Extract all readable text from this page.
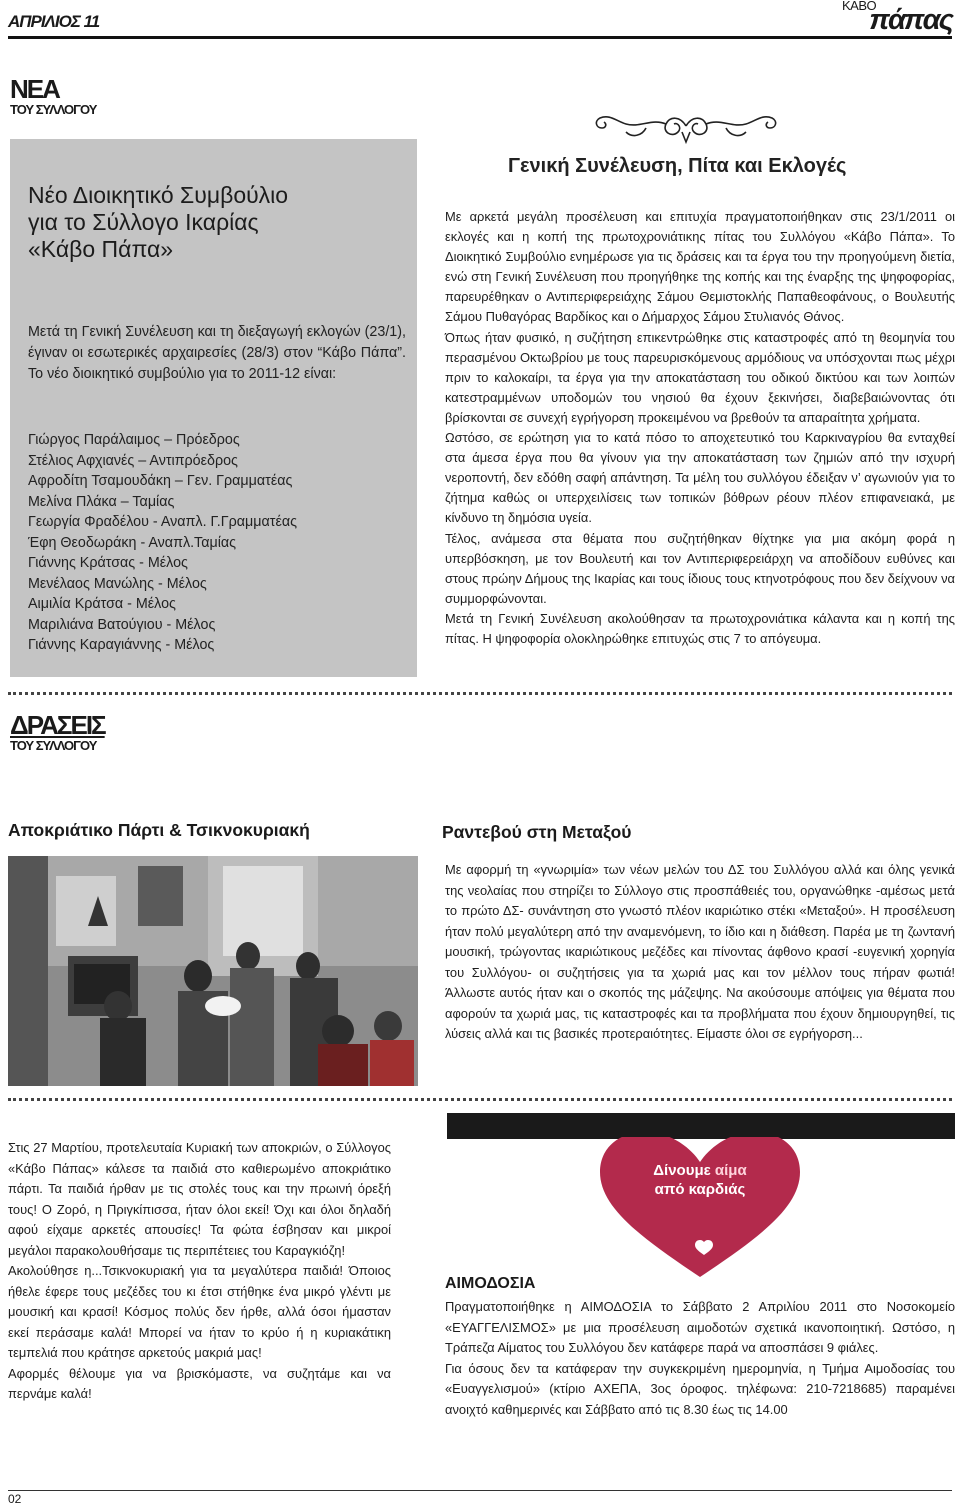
ΑΠΡΙΛΙΟΣ 11
ΚΑΒΟ
πάπας
ΝΕΑ
ΤΟΥ ΣΥΛΛΟΓΟΥ
Νέο Διοικητικό Συμβούλιο
για το Σύλλογο Ικαρίας
«Κάβο Πάπα»
Μετά τη Γενική Συνέλευση και τη διεξαγωγή εκλογών (23/1), έγιναν οι εσωτερικές αρχαιρεσίες (28/3) στον “Κάβο Πάπα”. Το νέο διοικητικό συμβούλιο για το 2011-12 είναι:
Γιώργος Παράλαιμος – Πρόεδρος
Στέλιος Αφχιανές – Αντιπρόεδρος
Αφροδίτη Τσαμουδάκη – Γεν. Γραμματέας
Μελίνα Πλάκα – Ταμίας
Γεωργία Φραδέλου - Αναπλ. Γ.Γραμματέας
Έφη Θεοδωράκη - Αναπλ.Ταμίας
Γιάννης Κράτσας - Μέλος
Μενέλαος Μανώλης - Μέλος
Αιμιλία Κράτσα - Μέλος
Μαριλιάνα Βατούγιου - Μέλος
Γιάννης Καραγιάννης - Μέλος
Γενική Συνέλευση, Πίτα και Εκλογές

Με αρκετά μεγάλη προσέλευση και επιτυχία πραγματοποιήθηκαν στις 23/1/2011 οι εκλογές και η κοπή της πρωτοχρονιάτικης πίτας του Συλλόγου «Κάβο Πάπα». Το Διοικητικό Συμβούλιο ενημέρωσε για τις δράσεις και τα έργα του την προηγούμενη διετία, ενώ στη Γενική Συνέλευση που προηγήθηκε της κοπής και της έναρξης της ψηφοφορίας, παρευρέθηκαν ο Αντιπεριφερειάχης Σάμου Θεμιστοκλής Παπαθεοφάνους, ο Βουλευτής Σάμου Πυθαγόρας Βαρδίκος και ο Δήμαρχος Σάμου Στυλιανός Θάνος.

Όπως ήταν φυσικό, η συζήτηση επικεντρώθηκε στις καταστροφές από τη θεομηνία του περασμένου Οκτωβρίου με τους παρευρισκόμενους αρμόδιους να υπόσχονται πως μέχρι πριν το καλοκαίρι, τα έργα για την αποκατάσταση του οδικού δικτύου και των λοιπών κατεστραμμένων υποδομών του νησιού θα έχουν ξεκινήσει, διαβεβαιώνοντας ότι βρίσκονται σε συνεχή εγρήγορση προκειμένου να βρεθούν τα απαραίτητα χρήματα.

Ωστόσο, σε ερώτηση για το κατά πόσο το αποχετευτικό του Καρκιναγρίου θα ενταχθεί στα άμεσα έργα που θα γίνουν για την αποκατάσταση των ζημιών από την ισχυρή νεροποντή, δεν εδόθη σαφή απάντηση. Τα μέλη του συλλόγου έδειξαν ν’ αγωνιούν για το ζήτημα καθώς οι υπερχειλίσεις των τοπικών βόθρων ρέουν πλέον επιφανειακά, με κίνδυνο τη δημόσια υγεία.

Τέλος, ανάμεσα στα θέματα που συζητήθηκαν θίχτηκε για μια ακόμη φορά η υπερβόσκηση, με τον Βουλευτή και τον Αντιπεριφερειάρχη να αποδίδουν ευθύνες και στους πρώην Δήμους της Ικαρίας και τους ίδιους τους κτηνοτρόφους που δεν δείχνουν να συμμορφώνονται.

Μετά τη Γενική Συνέλευση ακολούθησαν τα πρωτοχρονιάτικα κάλαντα και η κοπή της πίτας. Η ψηφοφορία ολοκληρώθηκε επιτυχώς στις 7 το απόγευμα.

ΔΡΑΣΕΙΣ
ΤΟΥ ΣΥΛΛΟΓΟΥ
Αποκριάτικο Πάρτι & Τσικνοκυριακή	Ραντεβού στη Μεταξού

Με αφορμή τη «γνωριμία» των νέων μελών του ΔΣ του Συλλόγου αλλά και όλης γενικά της νεολαίας που στηρίζει το Σύλλογο στις προσπάθειές του, οργανώθηκε -αμέσως μετά το πρώτο ΔΣ- συνάντηση στο γνωστό πλέον ικαριώτικο στέκι «Μεταξού». Η προσέλευση ήταν πολύ μεγαλύτερη από την αναμενόμενη, το ίδιο και η διάθεση. Παρέα με τη ζωντανή μουσική, τρώγοντας ικαριώτικους μεζέδες και πίνοντας άφθονο κρασί -ευγενική χορηγία του Συλλόγου- οι συζητήσεις για τα χωριά μας και τον μέλλον τους πήραν φωτιά! Άλλωστε αυτός ήταν και ο σκοπός της μάζεψης. Να ακούσουμε απόψεις για θέματα που αφορούν τα χωριά μας, τις καταστροφές και τα προβλήματα που έχουν δημιουργηθεί, τις λύσεις αλλά και τις βασικές προτεραιότητες. Είμαστε όλοι σε εγρήγορση...

Στις 27 Μαρτίου, προτελευταία Κυριακή των αποκριών, ο Σύλλογος «Κάβο Πάπας» κάλεσε τα παιδιά στο καθιερωμένο αποκριάτικο πάρτι. Τα παιδιά ήρθαν με τις στολές τους και την πρωινή όρεξή τους! Ο Ζορό, η Πριγκίπισσα, ήταν όλοι εκεί! Όχι και όλοι δηλαδή αφού είχαμε αρκετές απουσίες! Τα φώτα έσβησαν και μικροί μεγάλοι παρακολουθήσαμε τις περιπέτειες του Καραγκιόζη!

Ακολούθησε η...Τσικνοκυριακή για τα μεγαλύτερα παιδιά! Όποιος ήθελε έφερε τους μεζέδες του κι έτσι στήθηκε ένα μικρό γλέντι με μουσική και κρασί! Κόσμος πολύς δεν ήρθε, αλλά όσοι ήμασταν εκεί περάσαμε καλά! Μπορεί να ήταν το κρύο ή η κυριακάτικη τεμπελιά που κράτησε αρκετούς μακριά μας!

Αφορμές θέλουμε για να βρισκόμαστε, να συζητάμε και να περνάμε καλά!

Δίνουμε αίμα
από καρδιάς
ΑΙΜΟΔΟΣΙΑ

Πραγματοποιήθηκε η ΑΙΜΟΔΟΣΙΑ το Σάββατο 2 Απριλίου 2011 στο Νοσοκομείο «ΕΥΑΓΓΕΛΙΣΜΟΣ» με μια προσέλευση αιμοδοτών σχετικά ικανοποιητική. Ωστόσο, η Τράπεζα Αίματος του Συλλόγου δεν κατάφερε παρά να αποσπάσει 9 φιάλες.

Για όσους δεν τα κατάφεραν την συγκεκριμένη ημερομηνία, η Τμήμα Αιμοδοσίας του «Ευαγγελισμού» (κτίριο ΑΧΕΠΑ, 3ος όροφος. τηλέφωνα: 210-7218685) παραμένει ανοιχτό καθημερινές και Σάββατο από τις 8.30 έως τις 14.00

02
